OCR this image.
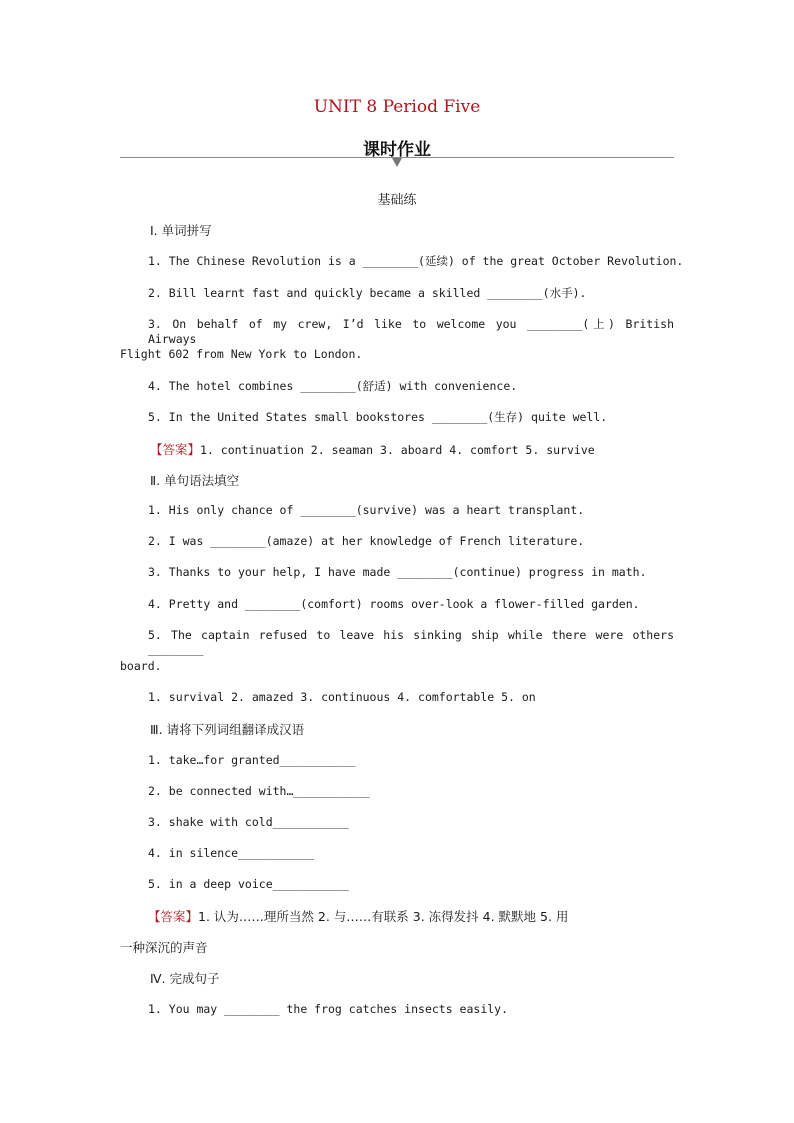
UNIT 8 Period Five
课时作业
基础练
Ⅰ. 单词拼写
1. The Chinese Revolution is a ________(延续) of the great October Revolution.
2. Bill learnt fast and quickly became a skilled ________(水手).
3. On behalf of my crew, I’d like to welcome you ________(上) British Airways
Flight 602 from New York to London.
4. The hotel combines ________(舒适) with convenience.
5. In the United States small bookstores ________(生存) quite well.
【答案】1. continuation 2. seaman 3. aboard 4. comfort 5. survive
Ⅱ. 单句语法填空
1. His only chance of ________(survive) was a heart transplant.
2. I was ________(amaze) at her knowledge of French literature.
3. Thanks to your help, I have made ________(continue) progress in math.
4. Pretty and ________(comfort) rooms over-look a flower-filled garden.
5. The captain refused to leave his sinking ship while there were others ________
board.
1. survival 2. amazed 3. continuous 4. comfortable 5. on
Ⅲ. 请将下列词组翻译成汉语
1. take…for granted___________
2. be connected with…___________
3. shake with cold___________
4. in silence___________
5. in a deep voice___________
【答案】1. 认为……理所当然 2. 与……有联系 3. 冻得发抖 4. 默默地 5. 用
一种深沉的声音
Ⅳ. 完成句子
1. You may ________ the frog catches insects easily.
